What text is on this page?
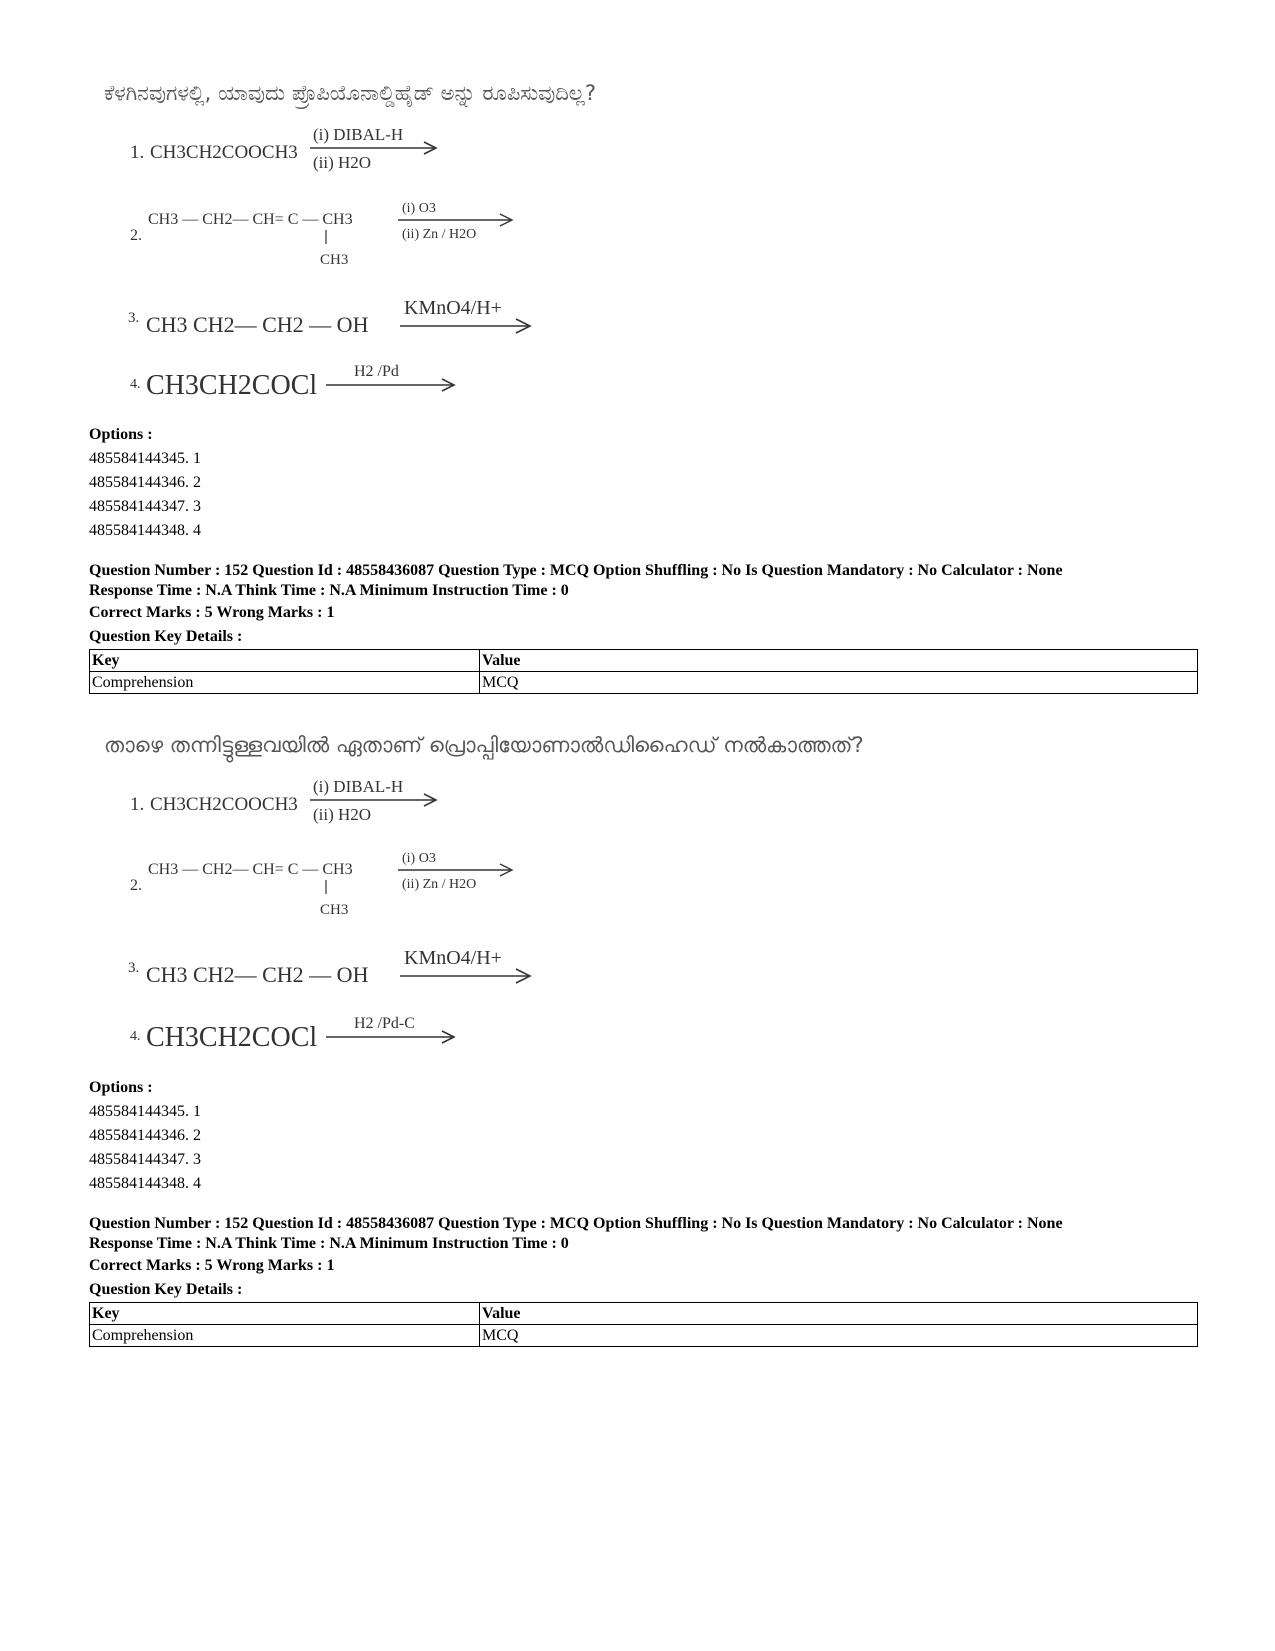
ಕೆಳಗಿನವುಗಳಲ್ಲಿ, ಯಾವುದು ಪ್ರೊಪಿಯೊನಾಲ್ಡಿಹೈಡ್ ಅನ್ನು ರೂಪಿಸುವುದಿಲ್ಲ?
1. CH3CH2COOCH3
(i) DIBAL-H
(ii) H2O
2.
CH3 — CH2— CH= C — CH3
CH3
(i) O3
(ii) Zn / H2O
3. CH3 CH2— CH2 — OH
KMnO4/H+
4. CH3CH2COCl H2 /Pd
Options :
485584144345. 1
485584144346. 2
485584144347. 3
485584144348. 4
Question Number : 152 Question Id : 48558436087 Question Type : MCQ Option Shuffling : No Is Question Mandatory : No Calculator : None
Response Time : N.A Think Time : N.A Minimum Instruction Time : 0
Correct Marks : 5 Wrong Marks : 1
Question Key Details :
Key	Value
Comprehension	MCQ
താഴെ തന്നിട്ടുള്ളവയിൽ ഏതാണ് പ്രൊപ്പിയോണാൽഡിഹൈഡ് നൽകാത്തത്?
1. CH3CH2COOCH3
(i) DIBAL-H
(ii) H2O
2.
CH3 — CH2— CH= C — CH3
CH3
(i) O3
(ii) Zn / H2O
3. CH3 CH2— CH2 — OH
KMnO4/H+
4. CH3CH2COCl H2 /Pd-C
Options :
485584144345. 1
485584144346. 2
485584144347. 3
485584144348. 4
Question Number : 152 Question Id : 48558436087 Question Type : MCQ Option Shuffling : No Is Question Mandatory : No Calculator : None
Response Time : N.A Think Time : N.A Minimum Instruction Time : 0
Correct Marks : 5 Wrong Marks : 1
Question Key Details :
Key	Value
Comprehension	MCQ
